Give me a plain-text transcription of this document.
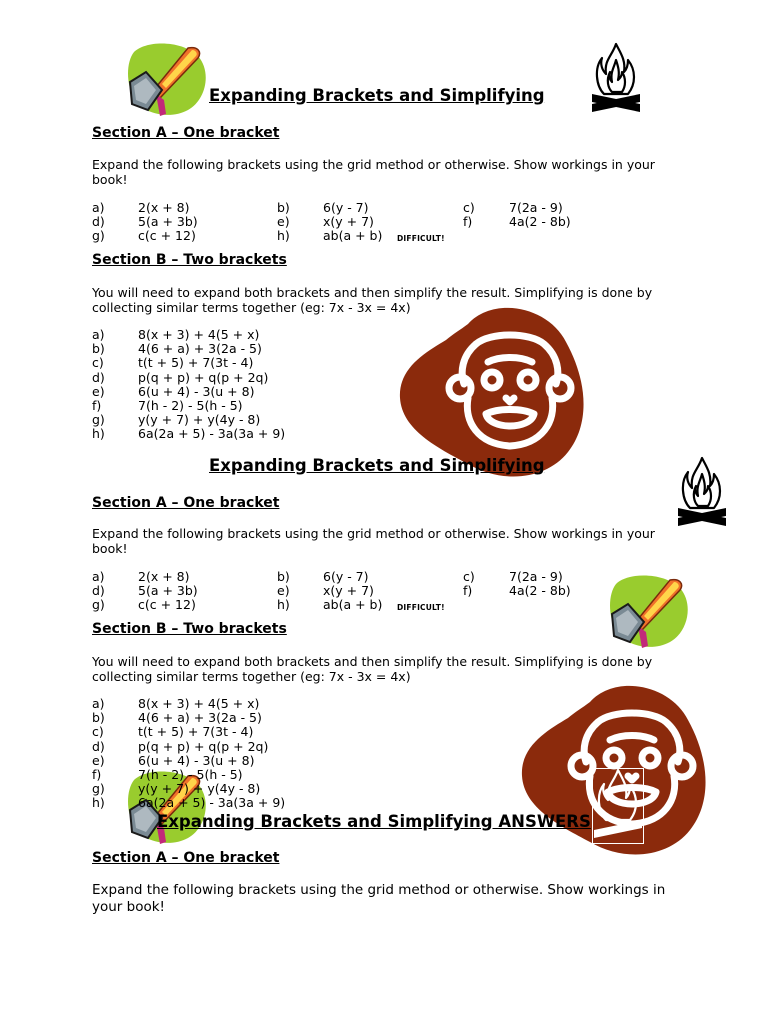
Expanding Brackets and Simplifying
Section A – One bracket
Expand the following brackets using the grid method or otherwise. Show workings in your book!
a)	2(x + 8)	b)	6(y - 7)	c)	7(2a - 9)
d)	5(a + 3b)	e)	x(y + 7)	f)	4a(2 - 8b)
g)	c(c + 12)	h)	ab(a + b) DIFFICULT!
Section B – Two brackets
You will need to expand both brackets and then simplify the result. Simplifying is done by collecting similar terms together (eg: 7x - 3x = 4x)
a)	8(x + 3) + 4(5 + x)
b)	4(6 + a) + 3(2a - 5)
c)	t(t + 5) + 7(3t - 4)
d)	p(q + p) + q(p + 2q)
e)	6(u + 4) - 3(u + 8)
f)	7(h - 2) - 5(h - 5)
g)	y(y + 7) + y(4y - 8)
h)	6a(2a + 5) - 3a(3a + 9)
Expanding Brackets and Simplifying
Section A – One bracket
Expand the following brackets using the grid method or otherwise. Show workings in your book!
a)	2(x + 8)	b)	6(y - 7)	c)	7(2a - 9)
d)	5(a + 3b)	e)	x(y + 7)	f)	4a(2 - 8b)
g)	c(c + 12)	h)	ab(a + b) DIFFICULT!
Section B – Two brackets
You will need to expand both brackets and then simplify the result. Simplifying is done by collecting similar terms together (eg: 7x - 3x = 4x)
a)	8(x + 3) + 4(5 + x)
b)	4(6 + a) + 3(2a - 5)
c)	t(t + 5) + 7(3t - 4)
d)	p(q + p) + q(p + 2q)
e)	6(u + 4) - 3(u + 8)
f)	7(h - 2) - 5(h - 5)
g)	y(y + 7) + y(4y - 8)
h)	6a(2a + 5) - 3a(3a + 9)
Expanding Brackets and Simplifying ANSWERS
Section A – One bracket
Expand the following brackets using the grid method or otherwise. Show workings in your book!
